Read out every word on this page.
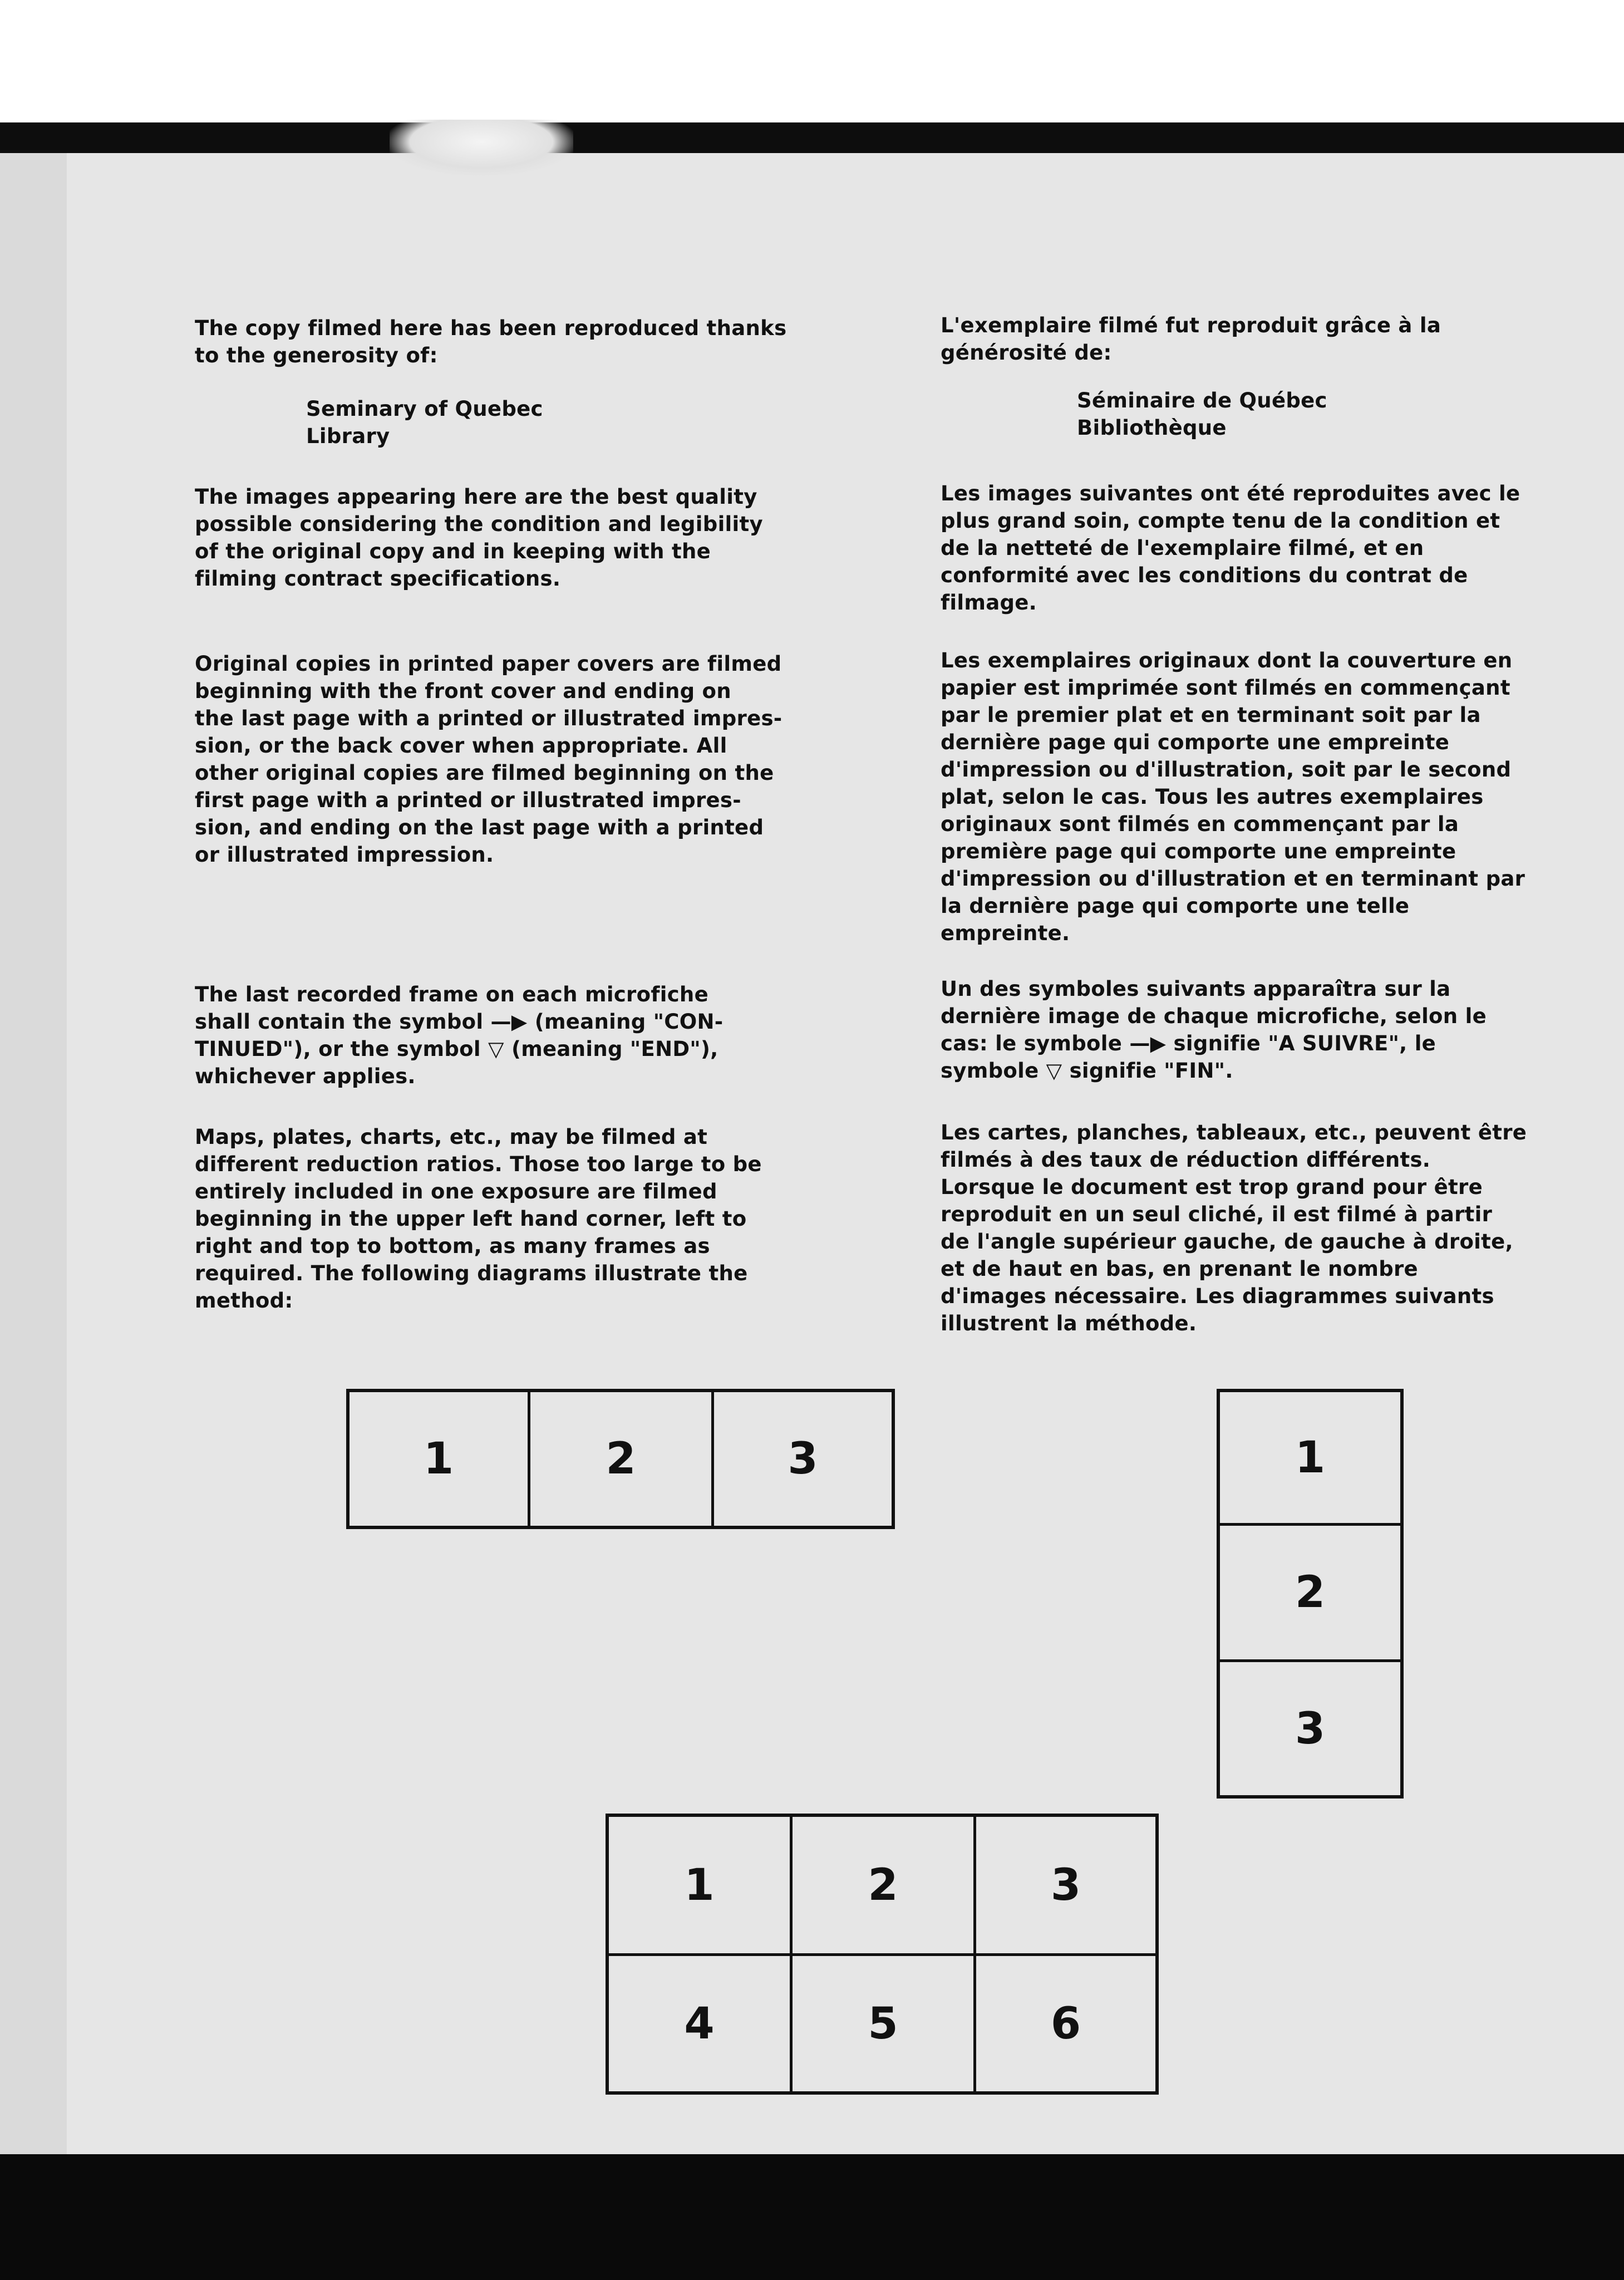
The copy filmed here has been reproduced thanks
to the generosity of:

Seminary of Quebec

Library

The images appearing here are the best quality
possible considering the condition and legibility
of the original copy and in keeping with the
filming contract specifications.

Original copies in printed paper covers are filmed
beginning with the front cover and ending on
the last page with a printed or illustrated impres-
sion, or the back cover when appropriate. All
other original copies are filmed beginning on the
first page with a printed or illustrated impres-
sion, and ending on the last page with a printed
or illustrated impression.

The last recorded frame on each microfiche
shall contain the symbol —▶ (meaning "CON-
TINUED"), or the symbol ▽ (meaning "END"),
whichever applies.

Maps, plates, charts, etc., may be filmed at
different reduction ratios. Those too large to be
entirely included in one exposure are filmed
beginning in the upper left hand corner, left to
right and top to bottom, as many frames as
required. The following diagrams illustrate the
method:

L'exemplaire filmé fut reproduit grâce à la
générosité de:

Séminaire de Québec

Bibliothèque

Les images suivantes ont été reproduites avec le
plus grand soin, compte tenu de la condition et
de la netteté de l'exemplaire filmé, et en
conformité avec les conditions du contrat de
filmage.

Les exemplaires originaux dont la couverture en
papier est imprimée sont filmés en commençant
par le premier plat et en terminant soit par la
dernière page qui comporte une empreinte
d'impression ou d'illustration, soit par le second
plat, selon le cas. Tous les autres exemplaires
originaux sont filmés en commençant par la
première page qui comporte une empreinte
d'impression ou d'illustration et en terminant par
la dernière page qui comporte une telle
empreinte.

Un des symboles suivants apparaîtra sur la
dernière image de chaque microfiche, selon le
cas: le symbole —▶ signifie "A SUIVRE", le
symbole ▽ signifie "FIN".

Les cartes, planches, tableaux, etc., peuvent être
filmés à des taux de réduction différents.
Lorsque le document est trop grand pour être
reproduit en un seul cliché, il est filmé à partir
de l'angle supérieur gauche, de gauche à droite,
et de haut en bas, en prenant le nombre
d'images nécessaire. Les diagrammes suivants
illustrent la méthode.

1	2	3	1
2
3
1	2	3
4	5	6
